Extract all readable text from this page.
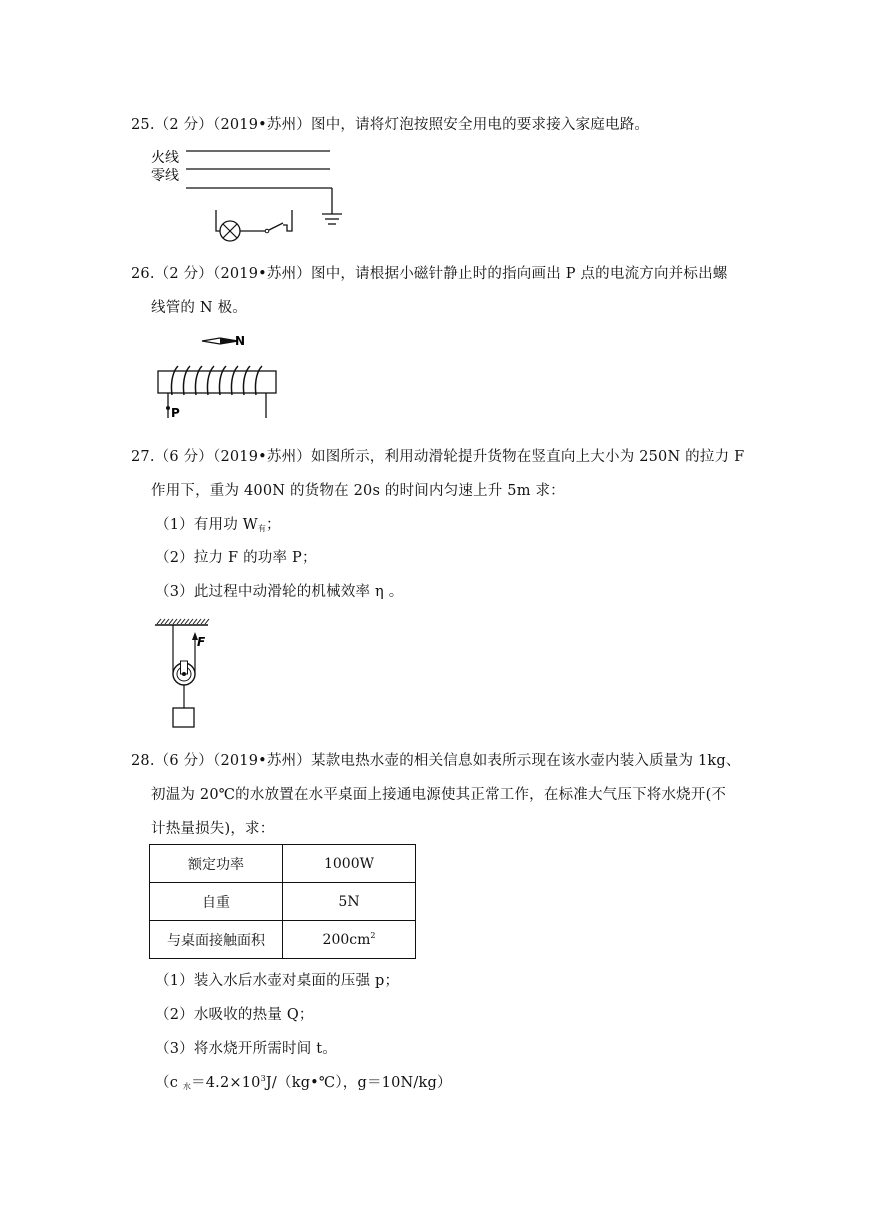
25.（2 分）（2019•苏州）图中，请将灯泡按照安全用电的要求接入家庭电路。
火线
零线
26.（2 分）（2019•苏州）图中，请根据小磁针静止时的指向画出 P 点的电流方向并标出螺
线管的 N 极。
N
P
27.（6 分）（2019•苏州）如图所示，利用动滑轮提升货物在竖直向上大小为 250N 的拉力 F
作用下，重为 400N 的货物在 20s 的时间内匀速上升 5m 求：
（1）有用功 $W_有$；
（2）拉力 F 的功率 P；
（3）此过程中动滑轮的机械效率 η 。
F
28.（6 分）（2019•苏州）某款电热水壶的相关信息如表所示现在该水壶内装入质量为 1kg、
初温为 20℃的水放置在水平桌面上接通电源使其正常工作，在标准大气压下将水烧开(不
计热量损失)，求：
额定功率	1000W
自重	5N
与桌面接触面积	$200cm^2$
（1）装入水后水壶对桌面的压强 p；
（2）水吸收的热量 Q；
（3）将水烧开所需时间 t。
（c $_水=4.2\times 10^3J/(kg•℃)$，g＝10N/kg）
